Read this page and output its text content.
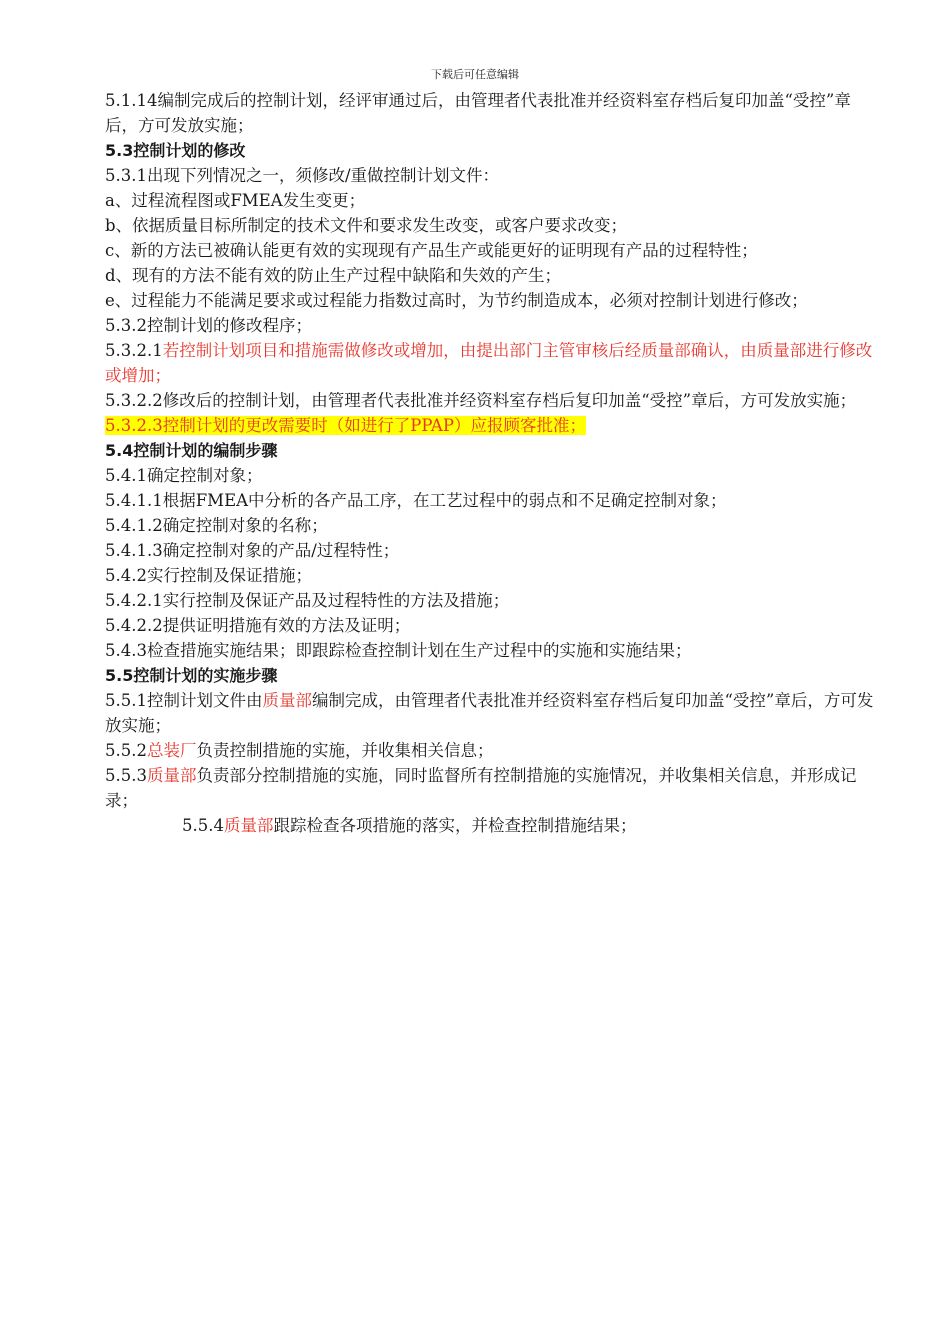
下载后可任意编辑

5.1.14编制完成后的控制计划，经评审通过后，由管理者代表批准并经资料室存档后复印加盖“受控”章后，方可发放实施；

5.3控制计划的修改

5.3.1出现下列情况之一，须修改/重做控制计划文件：

a、过程流程图或FMEA发生变更；

b、依据质量目标所制定的技术文件和要求发生改变，或客户要求改变；

c、新的方法已被确认能更有效的实现现有产品生产或能更好的证明现有产品的过程特性；

d、现有的方法不能有效的防止生产过程中缺陷和失效的产生；

e、过程能力不能满足要求或过程能力指数过高时，为节约制造成本，必须对控制计划进行修改；

5.3.2控制计划的修改程序；

5.3.2.1若控制计划项目和措施需做修改或增加，由提出部门主管审核后经质量部确认，由质量部进行修改或增加；

5.3.2.2修改后的控制计划，由管理者代表批准并经资料室存档后复印加盖“受控”章后，方可发放实施；

5.3.2.3控制计划的更改需要时（如进行了PPAP）应报顾客批准；

5.4控制计划的编制步骤

5.4.1确定控制对象；

5.4.1.1根据FMEA中分析的各产品工序，在工艺过程中的弱点和不足确定控制对象；

5.4.1.2确定控制对象的名称；

5.4.1.3确定控制对象的产品/过程特性；

5.4.2实行控制及保证措施；

5.4.2.1实行控制及保证产品及过程特性的方法及措施；

5.4.2.2提供证明措施有效的方法及证明；

5.4.3检查措施实施结果；即跟踪检查控制计划在生产过程中的实施和实施结果；

5.5控制计划的实施步骤

5.5.1控制计划文件由质量部编制完成，由管理者代表批准并经资料室存档后复印加盖“受控”章后，方可发放实施；

5.5.2总装厂负责控制措施的实施，并收集相关信息；

5.5.3质量部负责部分控制措施的实施，同时监督所有控制措施的实施情况，并收集相关信息，并形成记录；

5.5.4质量部跟踪检查各项措施的落实，并检查控制措施结果；
